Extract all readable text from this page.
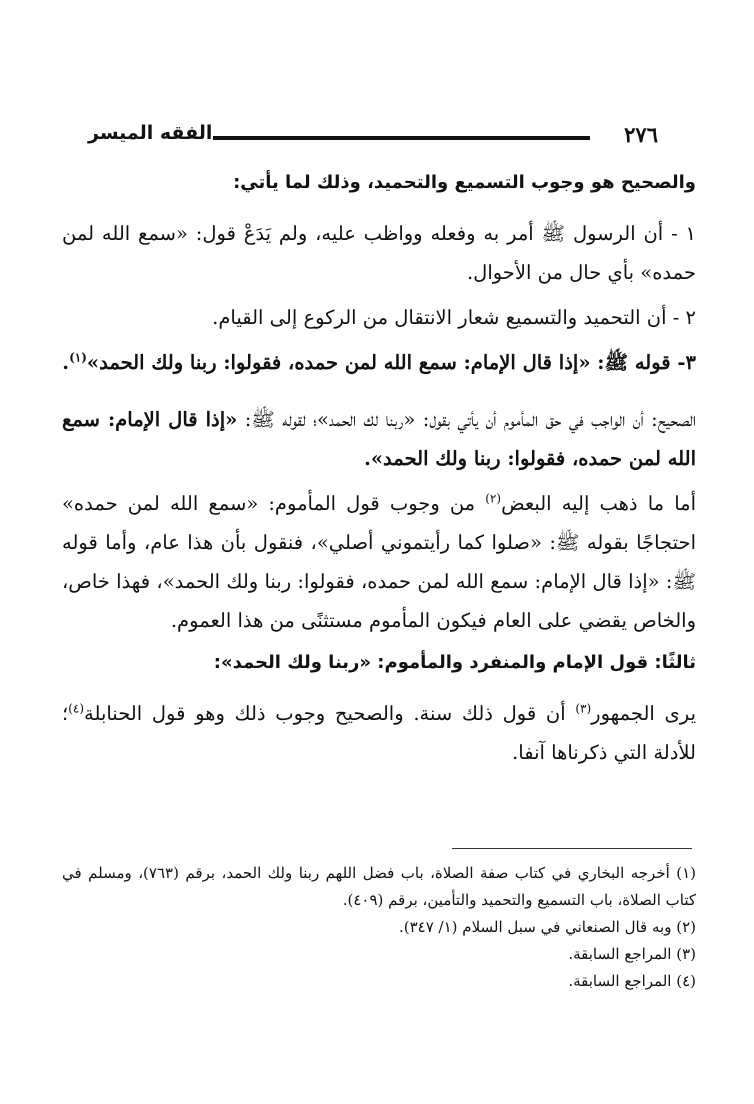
٢٧٦
الفقه الميسر
والصحيح هو وجوب التسميع والتحميد، وذلك لما يأتي:

١ - أن الرسول ﷺ أمر به وفعله وواظب عليه، ولم يَدَعْ قول: «سمع الله لمن حمده» بأي حال من الأحوال.

٢ - أن التحميد والتسميع شعار الانتقال من الركوع إلى القيام.

٣- قوله ﷺ: «إذا قال الإمام: سمع الله لمن حمده، فقولوا: ربنا ولك الحمد»$^{(١)}$.

الصحيح: أن الواجب في حق المأموم أن يأتي بقول: «ربنا لك الحمد»؛ لقوله ﷺ: «إذا قال الإمام: سمع الله لمن حمده، فقولوا: ربنا ولك الحمد».

أما ما ذهب إليه البعض$^{(٢)}$ من وجوب قول المأموم: «سمع الله لمن حمده» احتجاجًا بقوله ﷺ: «صلوا كما رأيتموني أصلي»، فنقول بأن هذا عام، وأما قوله ﷺ: «إذا قال الإمام: سمع الله لمن حمده، فقولوا: ربنا ولك الحمد»، فهذا خاص، والخاص يقضي على العام فيكون المأموم مستثنًى من هذا العموم.

ثالثًا: قول الإمام والمنفرد والمأموم: «ربنا ولك الحمد»:

يرى الجمهور$^{(٣)}$ أن قول ذلك سنة. والصحيح وجوب ذلك وهو قول الحنابلة$^{(٤)}$؛ للأدلة التي ذكرناها آنفا.

(١) أخرجه البخاري في كتاب صفة الصلاة، باب فضل اللهم ربنا ولك الحمد، برقم (٧٦٣)، ومسلم في كتاب الصلاة، باب التسميع والتحميد والتأمين، برقم (٤٠٩).

(٢) وبه قال الصنعاني في سبل السلام (١/ ٣٤٧).

(٣) المراجع السابقة.

(٤) المراجع السابقة.
